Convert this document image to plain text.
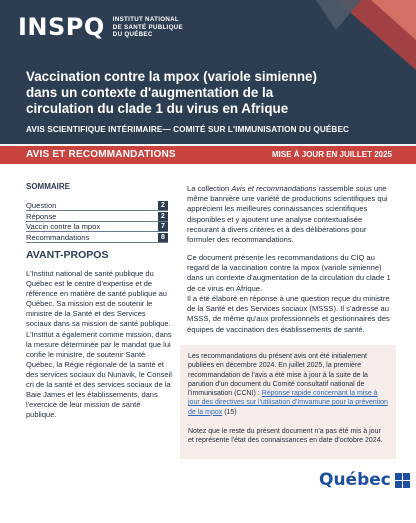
INSPQ INSTITUT NATIONAL
DE SANTÉ PUBLIQUE
DU QUÉBEC
Vaccination contre la mpox (variole simienne)
dans un contexte d'augmentation de la
circulation du clade 1 du virus en Afrique
AVIS SCIENTIFIQUE INTÉRIMAIRE— COMITÉ SUR L'IMMUNISATION DU QUÉBEC
AVIS ET RECOMMANDATIONS	MISE À JOUR EN JUILLET 2025
SOMMAIRE
Question	2
Réponse	2
Vaccin contre la mpox	7
Recommandations	8
AVANT-PROPOS
L'Institut national de santé publique du Québec est le centre d'expertise et de référence en matière de santé publique au Québec. Sa mission est de soutenir le ministre de la Santé et des Services sociaux dans sa mission de santé publique. L'Institut a également comme mission, dans la mesure déterminée par le mandat que lui confie le ministre, de soutenir Santé Québec, la Régie régionale de la santé et des services sociaux du Nunavik, le Conseil cri de la santé et des services sociaux de la Baie James et les établissements, dans l'exercice de leur mission de santé publique.
La collection Avis et recommandations rassemble sous une même bannière une variété de productions scientifiques qui apprécient les meilleures connaissances scientifiques disponibles et y ajoutent une analyse contextualisée recourant à divers critères et à des délibérations pour formuler des recommandations.
Ce document présente les recommandations du CIQ au regard de la vaccination contre la mpox (variole simienne) dans un contexte d'augmentation de la circulation du clade 1 de ce virus en Afrique.
Il a été élaboré en réponse à une question reçue du ministre de la Santé et des Services sociaux (MSSS). Il s'adresse au MSSS, de même qu'aux professionnels et gestionnaires des équipes de vaccination des établissements de santé.
Les recommandations du présent avis ont été initialement publiées en décembre 2024. En juillet 2025, la première recommandation de l'avis a été mise à jour à la suite de la parution d'un document du Comité consultatif national de l'immunisation (CCNI) : Réponse rapide concernant la mise à jour des directives sur l'utilisation d'Imvamune pour la prévention de la mpox (15)
Notez que le reste du présent document n'a pas été mis à jour et représente l'état des connaissances en date d'octobre 2024.
Québec
